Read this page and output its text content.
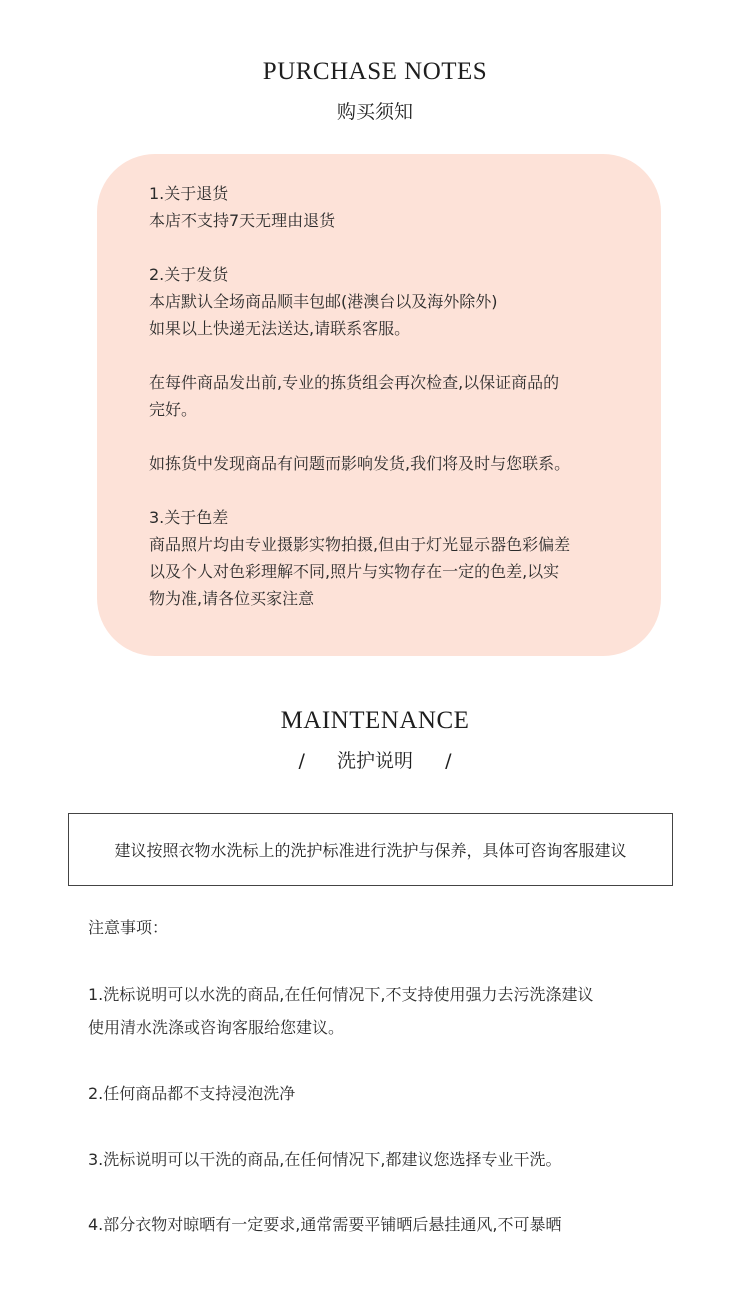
PURCHASE NOTES
购买须知

1.关于退货
本店不支持7天无理由退货

2.关于发货
本店默认全场商品顺丰包邮(港澳台以及海外除外)
如果以上快递无法送达,请联系客服。

在每件商品发出前,专业的拣货组会再次检查,以保证商品的
完好。

如拣货中发现商品有问题而影响发货,我们将及时与您联系。

3.关于色差
商品照片均由专业摄影实物拍摄,但由于灯光显示器色彩偏差
以及个人对色彩理解不同,照片与实物存在一定的色差,以实
物为准,请各位买家注意

MAINTENANCE
/  洗护说明  /
建议按照衣物水洗标上的洗护标准进行洗护与保养，具体可咨询客服建议
注意事项：
1.洗标说明可以水洗的商品,在任何情况下,不支持使用强力去污洗涤建议
使用清水洗涤或咨询客服给您建议。
2.任何商品都不支持浸泡洗净
3.洗标说明可以干洗的商品,在任何情况下,都建议您选择专业干洗。
4.部分衣物对晾晒有一定要求,通常需要平铺晒后悬挂通风,不可暴晒
